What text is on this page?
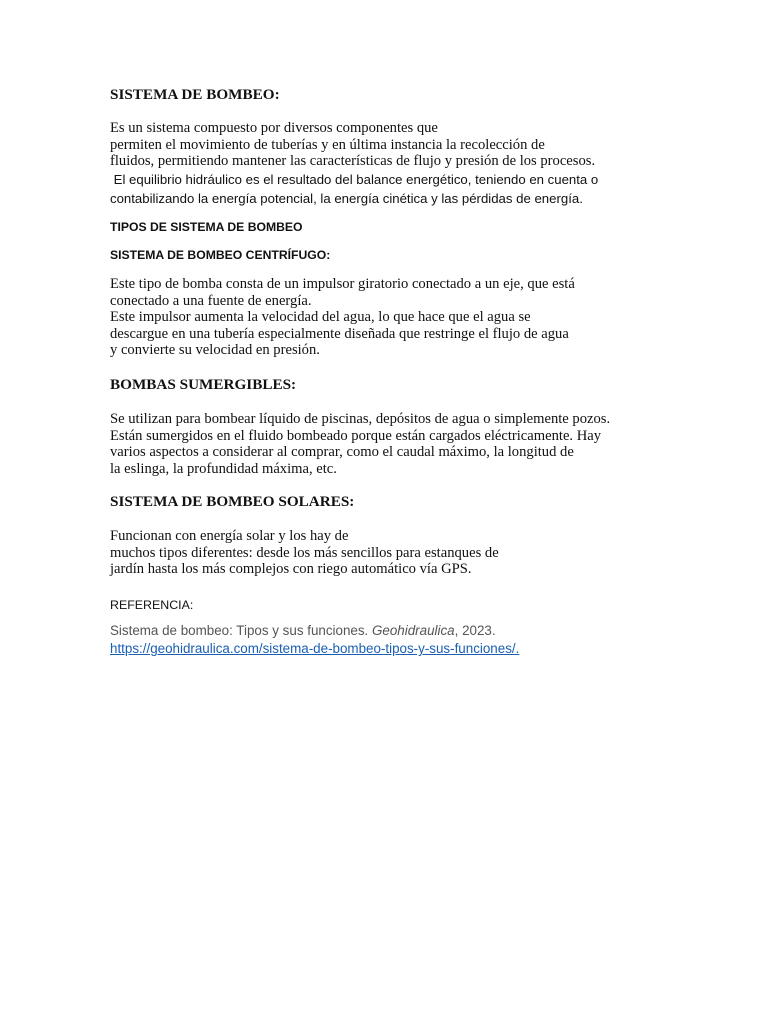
SISTEMA DE BOMBEO:
Es un sistema compuesto por diversos componentes que
permiten el movimiento de tuberías y en última instancia la recolección de
fluidos, permitiendo mantener las características de flujo y presión de los procesos.
El equilibrio hidráulico es el resultado del balance energético, teniendo en cuenta o
contabilizando la energía potencial, la energía cinética y las pérdidas de energía.
TIPOS DE SISTEMA DE BOMBEO
SISTEMA DE BOMBEO CENTRÍFUGO:
Este tipo de bomba consta de un impulsor giratorio conectado a un eje, que está
conectado a una fuente de energía.
Este impulsor aumenta la velocidad del agua, lo que hace que el agua se
descargue en una tubería especialmente diseñada que restringe el flujo de agua
y convierte su velocidad en presión.
BOMBAS SUMERGIBLES:
Se utilizan para bombear líquido de piscinas, depósitos de agua o simplemente pozos.
Están sumergidos en el fluido bombeado porque están cargados eléctricamente. Hay
varios aspectos a considerar al comprar, como el caudal máximo, la longitud de
la eslinga, la profundidad máxima, etc.
SISTEMA DE BOMBEO SOLARES:
Funcionan con energía solar y los hay de
muchos tipos diferentes: desde los más sencillos para estanques de
jardín hasta los más complejos con riego automático vía GPS.
REFERENCIA:
Sistema de bombeo: Tipos y sus funciones. Geohidraulica, 2023.
https://geohidraulica.com/sistema-de-bombeo-tipos-y-sus-funciones/.
